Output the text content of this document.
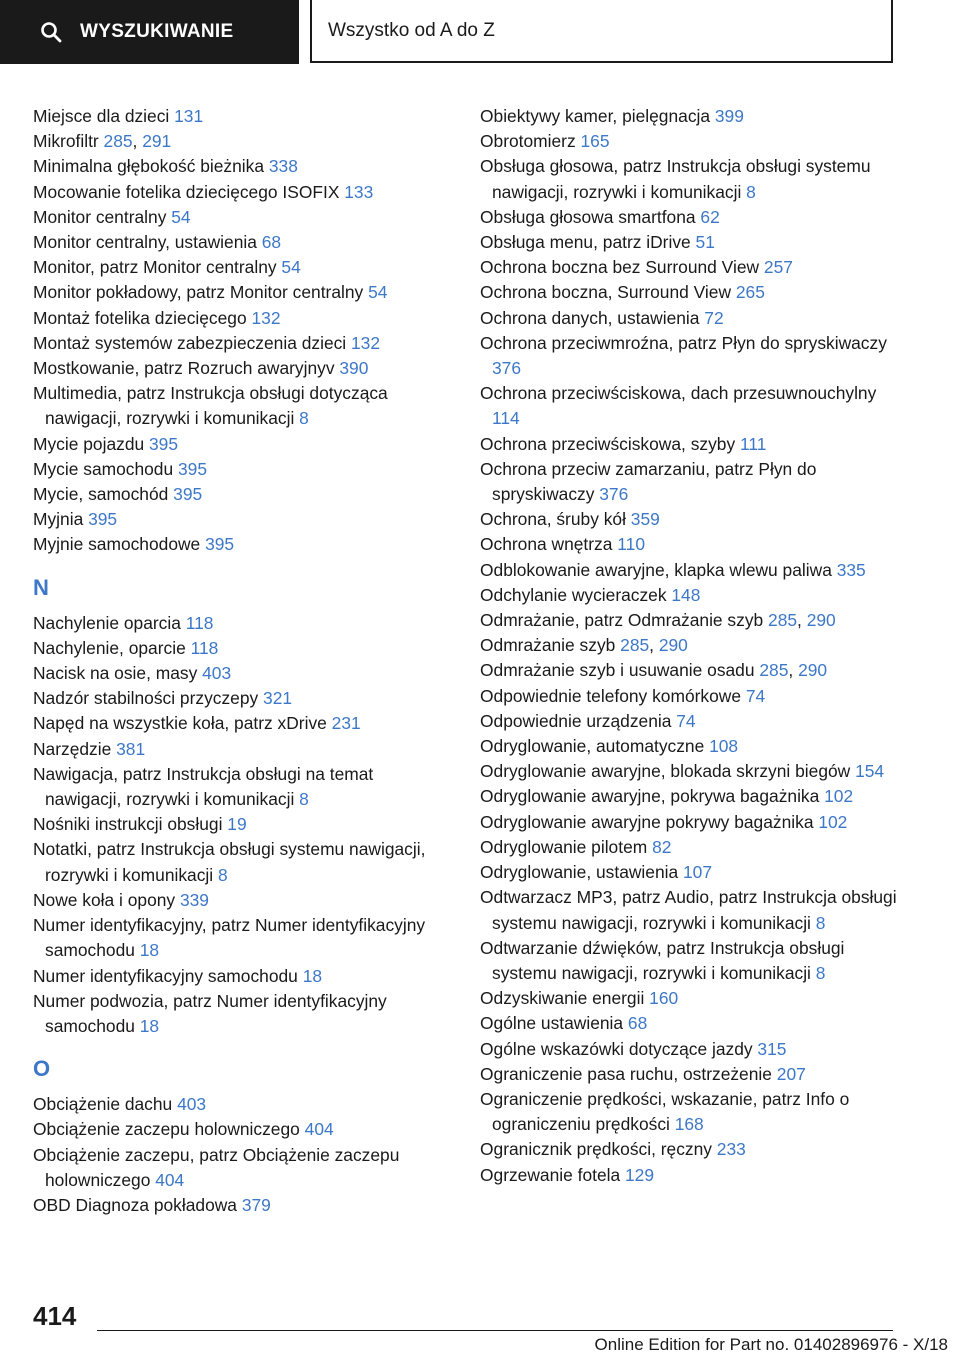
WYSZUKIWANIE	Wszystko od A do Z
Miejsce dla dzieci 131
Mikrofiltr 285, 291
Minimalna głębokość bieżnika 338
Mocowanie fotelika dziecięcego ISOFIX 133
Monitor centralny 54
Monitor centralny, ustawienia 68
Monitor, patrz Monitor centralny 54
Monitor pokładowy, patrz Monitor centralny 54
Montaż fotelika dziecięcego 132
Montaż systemów zabezpieczenia dzieci 132
Mostkowanie, patrz Rozruch awaryjnyv 390
Multimedia, patrz Instrukcja obsługi dotycząca nawigacji, rozrywki i komunikacji 8
Mycie pojazdu 395
Mycie samochodu 395
Mycie, samochód 395
Myjnia 395
Myjnie samochodowe 395
N
Nachylenie oparcia 118
Nachylenie, oparcie 118
Nacisk na osie, masy 403
Nadzór stabilności przyczepy 321
Napęd na wszystkie koła, patrz xDrive 231
Narzędzie 381
Nawigacja, patrz Instrukcja obsługi na temat nawigacji, rozrywki i komunikacji 8
Nośniki instrukcji obsługi 19
Notatki, patrz Instrukcja obsługi systemu nawigacji, rozrywki i komunikacji 8
Nowe koła i opony 339
Numer identyfikacyjny, patrz Numer identyfikacyjny samochodu 18
Numer identyfikacyjny samochodu 18
Numer podwozia, patrz Numer identyfikacyjny samochodu 18
O
Obciążenie dachu 403
Obciążenie zaczepu holowniczego 404
Obciążenie zaczepu, patrz Obciążenie zaczepu holowniczego 404
OBD Diagnoza pokładowa 379
Obiektywy kamer, pielęgnacja 399
Obrotomierz 165
Obsługa głosowa, patrz Instrukcja obsługi systemu nawigacji, rozrywki i komunikacji 8
Obsługa głosowa smartfona 62
Obsługa menu, patrz iDrive 51
Ochrona boczna bez Surround View 257
Ochrona boczna, Surround View 265
Ochrona danych, ustawienia 72
Ochrona przeciwmroźna, patrz Płyn do spryskiwaczy 376
Ochrona przeciwściskowa, dach przesuwnouchylny 114
Ochrona przeciwściskowa, szyby 111
Ochrona przeciw zamarzaniu, patrz Płyn do spryskiwaczy 376
Ochrona, śruby kół 359
Ochrona wnętrza 110
Odblokowanie awaryjne, klapka wlewu paliwa 335
Odchylanie wycieraczek 148
Odmrażanie, patrz Odmrażanie szyb 285, 290
Odmrażanie szyb 285, 290
Odmrażanie szyb i usuwanie osadu 285, 290
Odpowiednie telefony komórkowe 74
Odpowiednie urządzenia 74
Odryglowanie, automatyczne 108
Odryglowanie awaryjne, blokada skrzyni biegów 154
Odryglowanie awaryjne, pokrywa bagażnika 102
Odryglowanie awaryjne pokrywy bagażnika 102
Odryglowanie pilotem 82
Odryglowanie, ustawienia 107
Odtwarzacz MP3, patrz Audio, patrz Instrukcja obsługi systemu nawigacji, rozrywki i komunikacji 8
Odtwarzanie dźwięków, patrz Instrukcja obsługi systemu nawigacji, rozrywki i komunikacji 8
Odzyskiwanie energii 160
Ogólne ustawienia 68
Ogólne wskazówki dotyczące jazdy 315
Ograniczenie pasa ruchu, ostrzeżenie 207
Ograniczenie prędkości, wskazanie, patrz Info o ograniczeniu prędkości 168
Ogranicznik prędkości, ręczny 233
Ogrzewanie fotela 129
414
Online Edition for Part no. 01402896976 - X/18
